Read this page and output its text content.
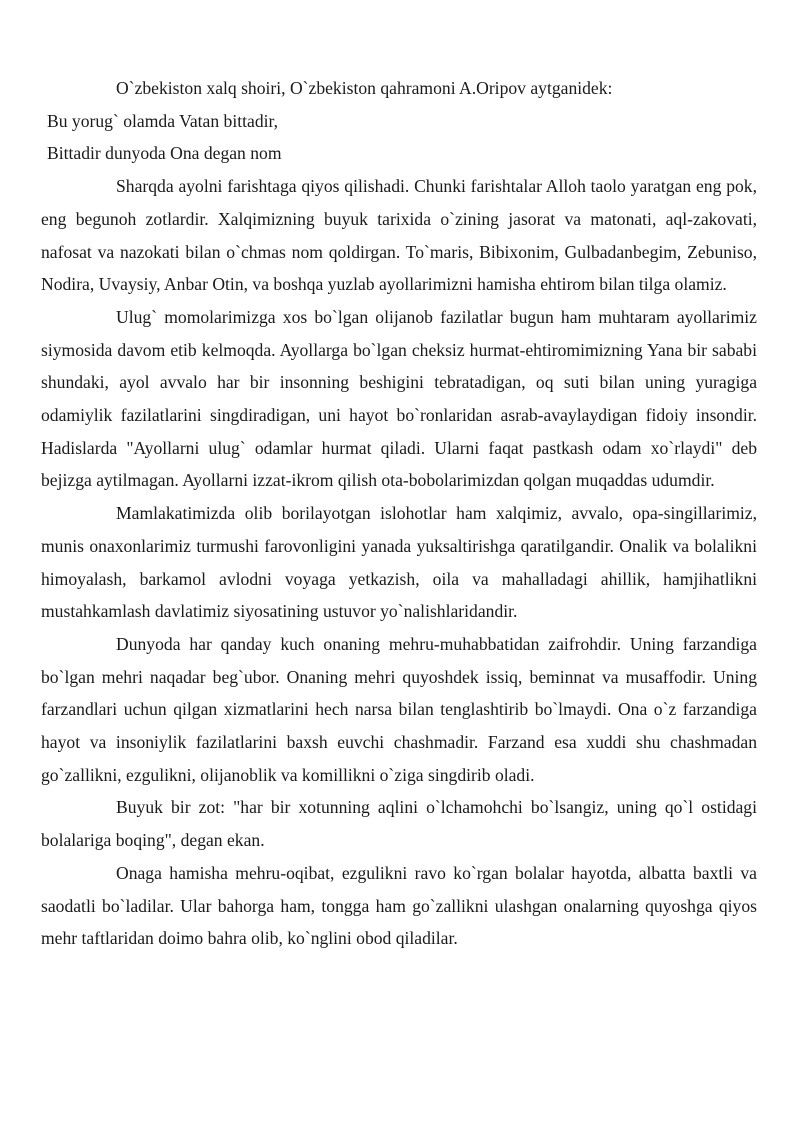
O`zbekiston xalq shoiri, O`zbekiston qahramoni A.Oripov aytganidek:

Bu yorug` olamda Vatan bittadir,

Bittadir dunyoda Ona degan nom

Sharqda ayolni farishtaga qiyos qilishadi. Chunki farishtalar Alloh taolo yaratgan eng pok, eng begunoh zotlardir. Xalqimizning buyuk tarixida o`zining jasorat va matonati, aql-zakovati, nafosat va nazokati bilan o`chmas nom qoldirgan. To`maris, Bibixonim, Gulbadanbegim, Zebuniso, Nodira, Uvaysiy, Anbar Otin, va boshqa yuzlab ayollarimizni hamisha ehtirom bilan tilga olamiz.

Ulug` momolarimizga xos bo`lgan olijanob fazilatlar bugun ham muhtaram ayollarimiz siymosida davom etib kelmoqda. Ayollarga bo`lgan cheksiz hurmat-ehtiromimizning Yana bir sababi shundaki, ayol avvalo har bir insonning beshigini tebratadigan, oq suti bilan uning yuragiga odamiylik fazilatlarini singdiradigan, uni hayot bo`ronlaridan asrab-avaylaydigan fidoiy insondir. Hadislarda "Ayollarni ulug` odamlar hurmat qiladi. Ularni faqat pastkash odam xo`rlaydi" deb bejizga aytilmagan. Ayollarni izzat-ikrom qilish ota-bobolarimizdan qolgan muqaddas udumdir.

Mamlakatimizda olib borilayotgan islohotlar ham xalqimiz, avvalo, opa-singillarimiz, munis onaxonlarimiz turmushi farovonligini yanada yuksaltirishga qaratilgandir. Onalik va bolalikni himoyalash, barkamol avlodni voyaga yetkazish, oila va mahalladagi ahillik, hamjihatlikni mustahkamlash davlatimiz siyosatining ustuvor yo`nalishlaridandir.

Dunyoda har qanday kuch onaning mehru-muhabbatidan zaifrohdir. Uning farzandiga bo`lgan mehri naqadar beg`ubor. Onaning mehri quyoshdek issiq, beminnat va musaffodir. Uning farzandlari uchun qilgan xizmatlarini hech narsa bilan tenglashtirib bo`lmaydi. Ona o`z farzandiga hayot va insoniylik fazilatlarini baxsh euvchi chashmadir. Farzand esa xuddi shu chashmadan go`zallikni, ezgulikni, olijanoblik va komillikni o`ziga singdirib oladi.

Buyuk bir zot: "har bir xotunning aqlini o`lchamohchi bo`lsangiz, uning qo`l ostidagi bolalariga boqing", degan ekan.

Onaga hamisha mehru-oqibat, ezgulikni ravo ko`rgan bolalar hayotda, albatta baxtli va saodatli bo`ladilar. Ular bahorga ham, tongga ham go`zallikni ulashgan onalarning quyoshga qiyos mehr taftlaridan doimo bahra olib, ko`nglini obod qiladilar.
